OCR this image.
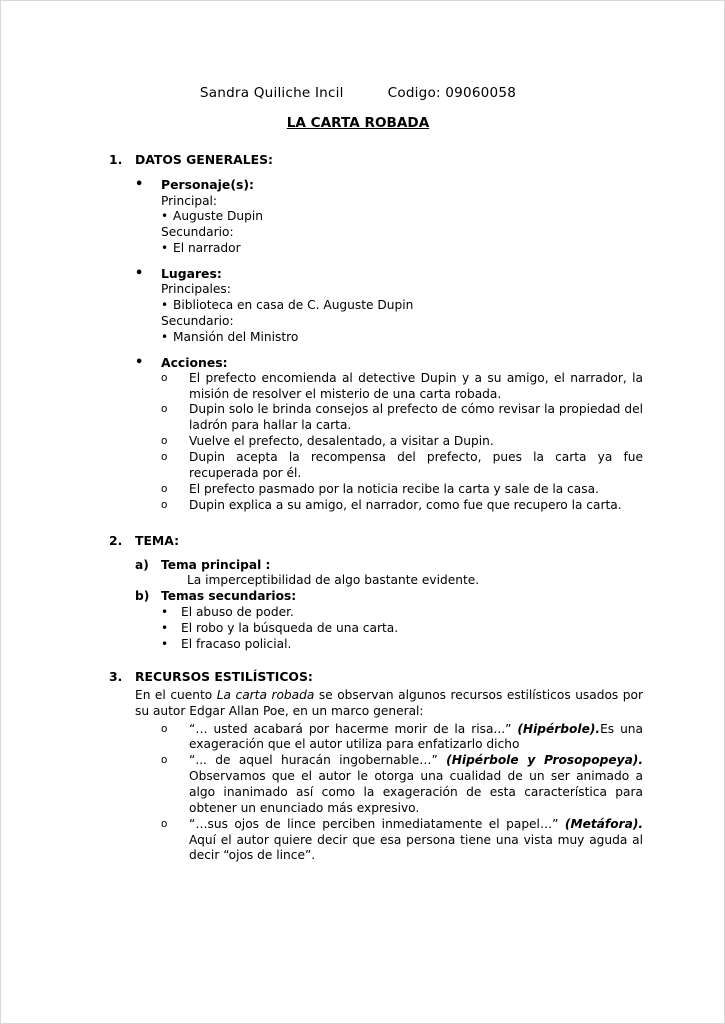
Sandra Quiliche Incil	Codigo: 09060058
LA CARTA ROBADA
1.	DATOS GENERALES:
•	Personaje(s):
Principal:
• Auguste Dupin
Secundario:
• El narrador
•	Lugares:
Principales:
• Biblioteca en casa de C. Auguste Dupin
Secundario:
• Mansión del Ministro
•	Acciones:
o	El prefecto encomienda al detective Dupin y a su amigo, el narrador, la misión de resolver el misterio de una carta robada.
o	Dupin solo le brinda consejos al prefecto de cómo revisar la propiedad del ladrón para hallar la carta.
o	Vuelve el prefecto, desalentado, a visitar a Dupin.
o	Dupin acepta la recompensa del prefecto, pues la carta ya fue recuperada por él.
o	El prefecto pasmado por la noticia recibe la carta y sale de la casa.
o	Dupin explica a su amigo, el narrador, como fue que recupero la carta.
2.	TEMA:
a)	Tema principal :
La imperceptibilidad de algo bastante evidente.
b) Temas secundarios:
•	El abuso de poder.
•	El robo y la búsqueda de una carta.
•	El fracaso policial.
3.	RECURSOS ESTILÍSTICOS:
En el cuento La carta robada se observan algunos recursos estilísticos usados por su autor Edgar Allan Poe, en un marco general:
o	“… usted acabará por hacerme morir de la risa...” (Hipérbole).Es una exageración que el autor utiliza para enfatizarlo dicho
o	“... de aquel huracán ingobernable…” (Hipérbole y Prosopopeya). Observamos que el autor le otorga una cualidad de un ser animado a algo inanimado así como la exageración de esta característica para obtener un enunciado más expresivo.
o	“…sus ojos de lince perciben inmediatamente el papel…” (Metáfora). Aquí el autor quiere decir que esa persona tiene una vista muy aguda al decir “ojos de lince”.
